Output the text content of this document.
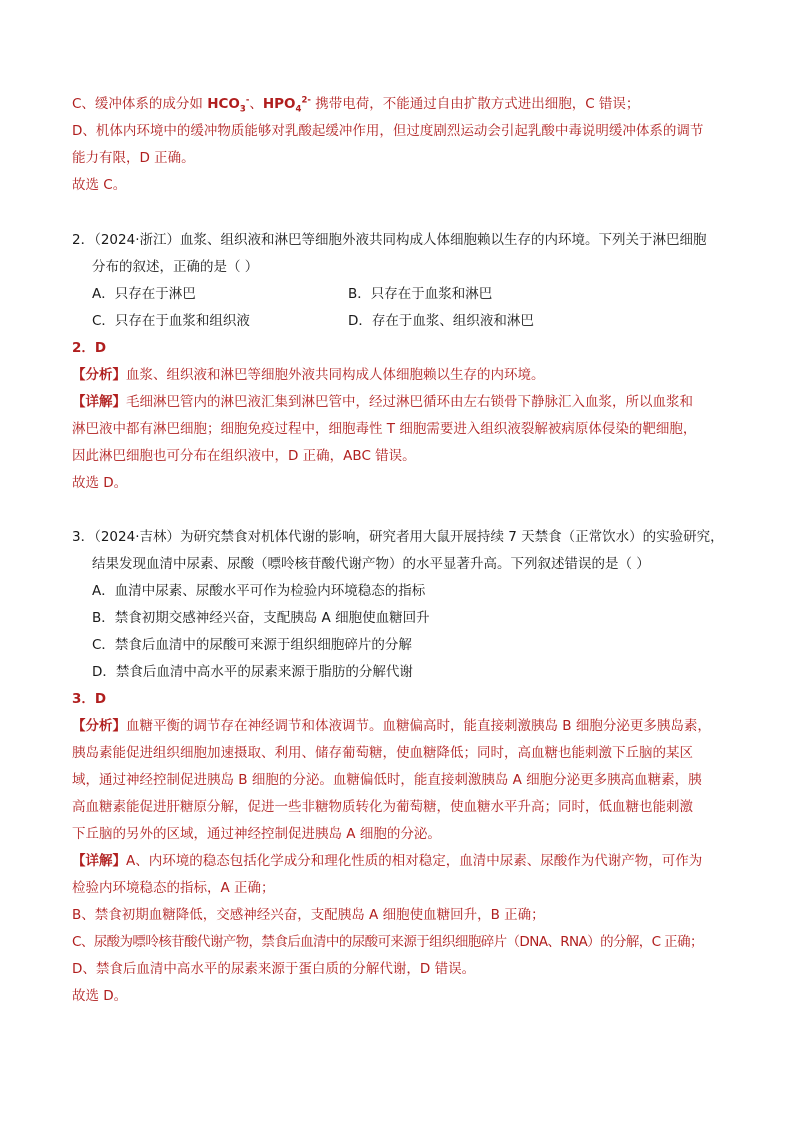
C、缓冲体系的成分如 $HCO_3^-$、$HPO_4^{2-}$ 携带电荷，不能通过自由扩散方式进出细胞，C 错误；
D、机体内环境中的缓冲物质能够对乳酸起缓冲作用，但过度剧烈运动会引起乳酸中毒说明缓冲体系的调节
能力有限，D 正确。
故选 C。
2．（2024·浙江）血浆、组织液和淋巴等细胞外液共同构成人体细胞赖以生存的内环境。下列关于淋巴细胞
分布的叙述，正确的是（ ）
A．只存在于淋巴	B．只存在于血浆和淋巴
C．只存在于血浆和组织液	D．存在于血浆、组织液和淋巴
2．D
【分析】血浆、组织液和淋巴等细胞外液共同构成人体细胞赖以生存的内环境。
【详解】毛细淋巴管内的淋巴液汇集到淋巴管中，经过淋巴循环由左右锁骨下静脉汇入血浆，所以血浆和
淋巴液中都有淋巴细胞；细胞免疫过程中，细胞毒性 T 细胞需要进入组织液裂解被病原体侵染的靶细胞，
因此淋巴细胞也可分布在组织液中，D 正确，ABC 错误。
故选 D。
3．（2024·吉林）为研究禁食对机体代谢的影响，研究者用大鼠开展持续 7 天禁食（正常饮水）的实验研究，
结果发现血清中尿素、尿酸（嘌呤核苷酸代谢产物）的水平显著升高。下列叙述错误的是（ ）
A．血清中尿素、尿酸水平可作为检验内环境稳态的指标
B．禁食初期交感神经兴奋，支配胰岛 A 细胞使血糖回升
C．禁食后血清中的尿酸可来源于组织细胞碎片的分解
D．禁食后血清中高水平的尿素来源于脂肪的分解代谢
3．D
【分析】血糖平衡的调节存在神经调节和体液调节。血糖偏高时，能直接刺激胰岛 B 细胞分泌更多胰岛素，
胰岛素能促进组织细胞加速摄取、利用、储存葡萄糖，使血糖降低；同时，高血糖也能刺激下丘脑的某区
域，通过神经控制促进胰岛 B 细胞的分泌。血糖偏低时，能直接刺激胰岛 A 细胞分泌更多胰高血糖素，胰
高血糖素能促进肝糖原分解，促进一些非糖物质转化为葡萄糖，使血糖水平升高；同时，低血糖也能刺激
下丘脑的另外的区域，通过神经控制促进胰岛 A 细胞的分泌。
【详解】A、内环境的稳态包括化学成分和理化性质的相对稳定，血清中尿素、尿酸作为代谢产物，可作为
检验内环境稳态的指标，A 正确；
B、禁食初期血糖降低，交感神经兴奋，支配胰岛 A 细胞使血糖回升，B 正确；
C、尿酸为嘌呤核苷酸代谢产物，禁食后血清中的尿酸可来源于组织细胞碎片（DNA、RNA）的分解，C 正确；
D、禁食后血清中高水平的尿素来源于蛋白质的分解代谢，D 错误。
故选 D。
